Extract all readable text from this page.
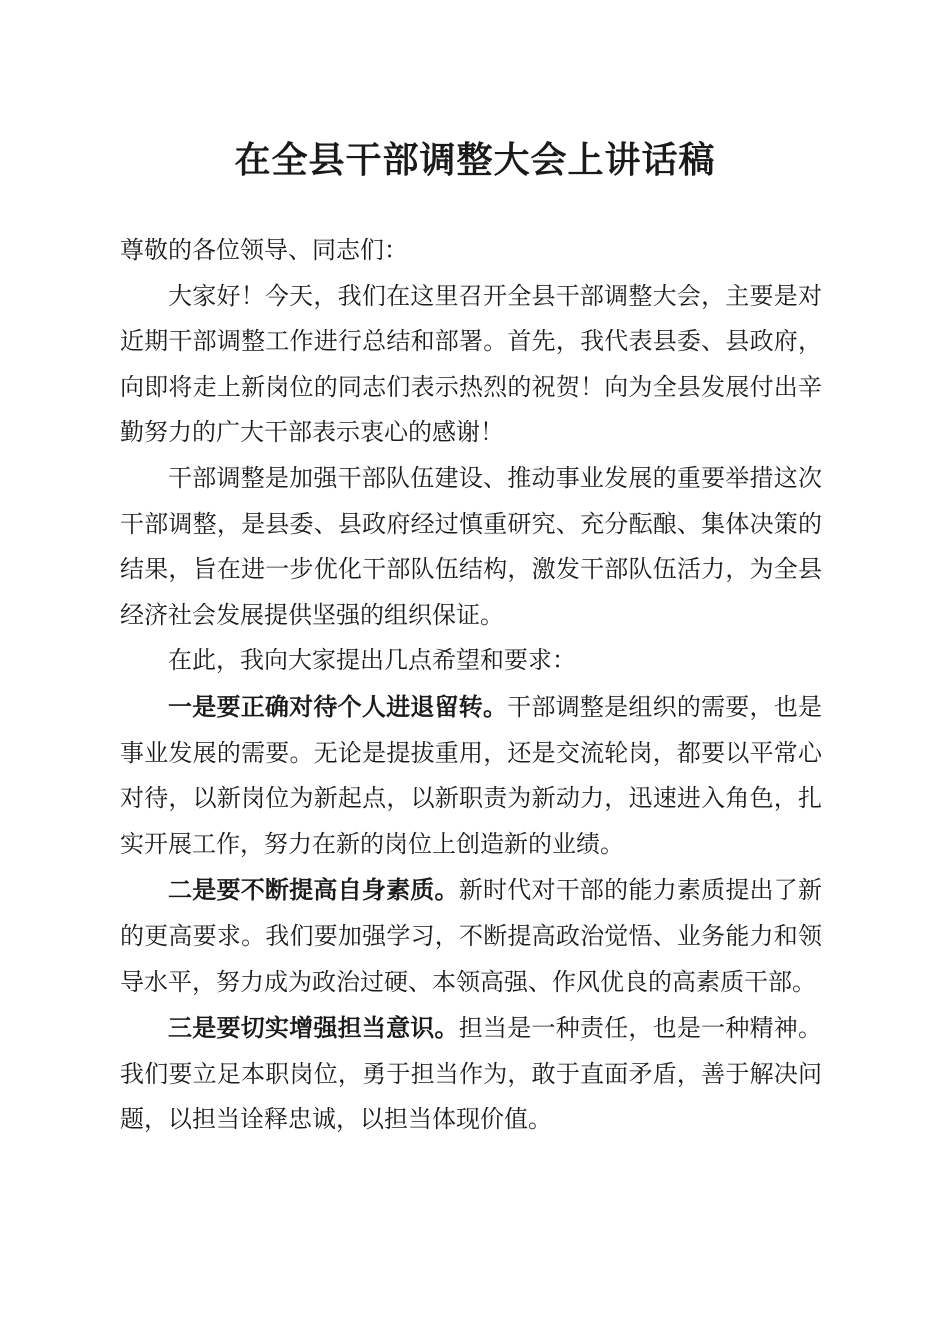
在全县干部调整大会上讲话稿

尊敬的各位领导、同志们：

大家好！今天，我们在这里召开全县干部调整大会，主要是对近期干部调整工作进行总结和部署。首先，我代表县委、县政府，向即将走上新岗位的同志们表示热烈的祝贺！向为全县发展付出辛勤努力的广大干部表示衷心的感谢！

干部调整是加强干部队伍建设、推动事业发展的重要举措这次干部调整，是县委、县政府经过慎重研究、充分酝酿、集体决策的结果，旨在进一步优化干部队伍结构，激发干部队伍活力，为全县经济社会发展提供坚强的组织保证。

在此，我向大家提出几点希望和要求：

一是要正确对待个人进退留转。干部调整是组织的需要，也是事业发展的需要。无论是提拔重用，还是交流轮岗，都要以平常心对待，以新岗位为新起点，以新职责为新动力，迅速进入角色，扎实开展工作，努力在新的岗位上创造新的业绩。

二是要不断提高自身素质。新时代对干部的能力素质提出了新的更高要求。我们要加强学习，不断提高政治觉悟、业务能力和领导水平，努力成为政治过硬、本领高强、作风优良的高素质干部。

三是要切实增强担当意识。担当是一种责任，也是一种精神。我们要立足本职岗位，勇于担当作为，敢于直面矛盾，善于解决问题，以担当诠释忠诚，以担当体现价值。
